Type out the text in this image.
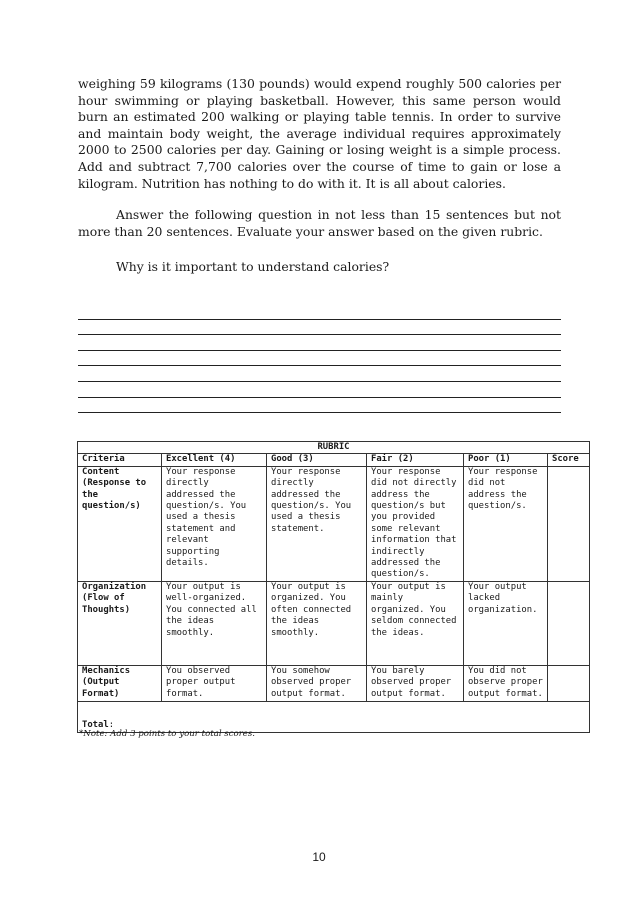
weighing 59 kilograms (130 pounds) would expend roughly 500 calories per hour swimming or playing basketball. However, this same person would burn an estimated 200 walking or playing table tennis. In order to survive and maintain body weight, the average individual requires approximately 2000 to 2500 calories per day. Gaining or losing weight is a simple process. Add and subtract 7,700 calories over the course of time to gain or lose a kilogram. Nutrition has nothing to do with it. It is all about calories.

Answer the following question in not less than 15 sentences but not more than 20 sentences. Evaluate your answer based on the given rubric.

Why is it important to understand calories?

RUBRIC					
Criteria	Excellent (4)	Good (3)	Fair (2)	Poor (1)	Score
Content (Response to the question/s)	Your response directly addressed the question/s. You used a thesis statement and relevant supporting details.	Your response directly addressed the question/s. You used a thesis statement.	Your response did not directly address the question/s but you provided some relevant information that indirectly addressed the question/s.	Your response did not address the question/s.	
Organization (Flow of Thoughts)	Your output is well-organized. You connected all the ideas smoothly.	Your output is organized. You often connected the ideas smoothly.	Your output is mainly organized. You seldom connected the ideas.	Your output lacked organization.	
Mechanics (Output Format)	You observed proper output format.	You somehow observed proper output format.	You barely observed proper output format.	You did not observe proper output format.	
Total:					

*Note: Add 3 points to your total scores.

10
